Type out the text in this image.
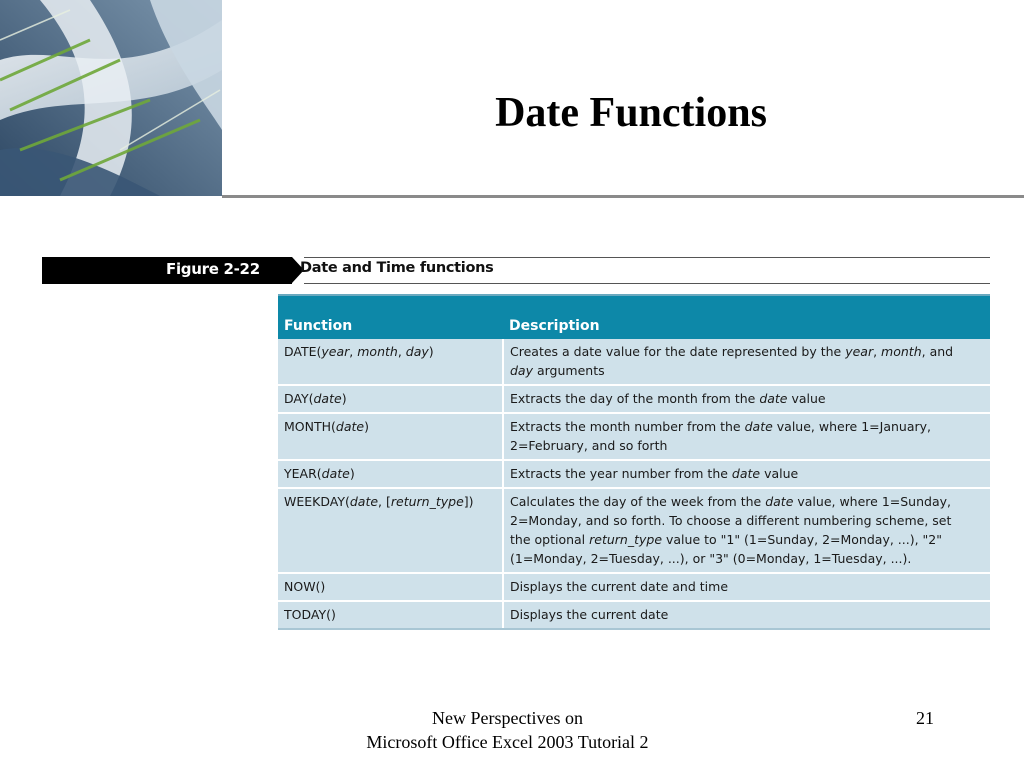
Date Functions
Figure 2-22	Date and Time functions
Function	Description
DATE(year, month, day)	Creates a date value for the date represented by the year, month, and
day arguments
DAY(date)	Extracts the day of the month from the date value
MONTH(date)	Extracts the month number from the date value, where 1=January,
2=February, and so forth
YEAR(date)	Extracts the year number from the date value
WEEKDAY(date, [return_type])	Calculates the day of the week from the date value, where 1=Sunday,
2=Monday, and so forth. To choose a different numbering scheme, set
the optional return_type value to "1" (1=Sunday, 2=Monday, ...), "2"
(1=Monday, 2=Tuesday, ...), or "3" (0=Monday, 1=Tuesday, ...).
NOW()	Displays the current date and time
TODAY()	Displays the current date
New Perspectives on
Microsoft Office Excel 2003 Tutorial 2
21
